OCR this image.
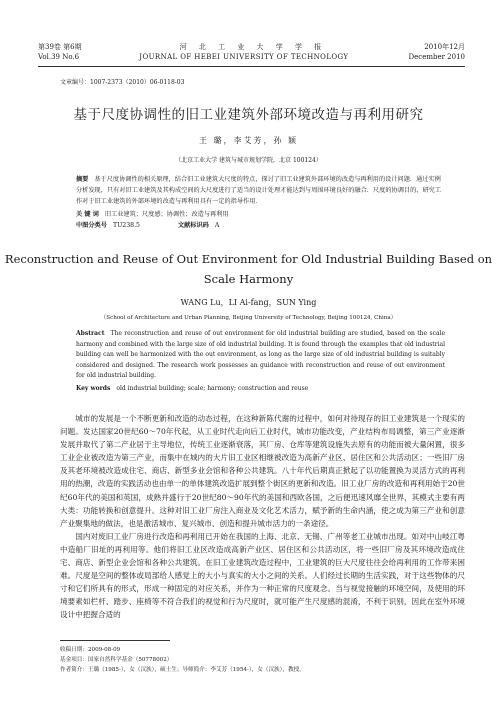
第39卷 第6期	河 北 工 业 大 学 学 报	2010年12月
Vol.39 No.6	JOURNAL OF HEBEI UNIVERSITY OF TECHNOLOGY	December 2010
文章编号：1007-2373（2010）06-0118-03
基于尺度协调性的旧工业建筑外部环境改造与再利用研究
王 璐，李艾芳，孙 颖
（北京工业大学 建筑与城市规划学院，北京 100124）
摘要 基于尺度协调性的相关原理，结合旧工业建筑大尺度的特点，探讨了旧工业建筑外部环境的改造与再利用的设计问题．通过实例分析发现，只有对旧工业建筑及其构成空间的大尺度进行了适当的设计处理才能达到与周围环境良好的融合．尺度的协调目的，研究工作对于旧工业建筑的外部环境的改造与再利用具有一定的指导作用．
关 键 词 旧工业建筑；尺度感；协调性；改造与再利用
中图分类号 TU238.5	文献标识码 A
Reconstruction and Reuse of Out Environment for Old Industrial Building Based on Scale Harmony
WANG Lu，LI Ai-fang，SUN Ying
（School of Architecture and Urban Planning, Beijing University of Technology, Beijing 100124, China）
Abstract The reconstruction and reuse of out environment for old industrial building are studied, based on the scale harmony and combined with the large size of old industrial building. It is found through the examples that old industrial building can well be harmonized with the out environment, as long as the large size of old industrial building is suitably considered and designed. The research work possesses an guidance with reconstruction and reuse of out environment for old industrial building.
Key words old industrial building; scale; harmony; construction and reuse

城市的发展是一个不断更新和改造的动态过程，在这种新陈代谢的过程中，如何对待现存的旧工业建筑是一个现实的问题。发达国家20世纪60～70年代起，从工业时代走向后工业时代，城市功能改变，产业结构布局调整，第三产业逐渐发展并取代了第二产业居于主导地位，传统工业逐渐衰落，其厂房、仓库等建筑设施失去原有的功能而被大量闲置，很多工业企业被改造为第三产业，而集中在城内的大片旧工业区相继被改造为高新产业区、居住区和公共活动区；一些旧厂房及其老环境被改造成住宅、商店、新型多业会馆和各种公共建筑。八十年代后期真正掀起了以功能置换为灵活方式的再利用的热潮，改造的实践活动也由单一的单体建筑改造扩展到整个街区的更新和改造。旧工业厂房的改造和再利用始于20世纪60年代的美国和英国，成熟并盛行于20世纪80～90年代的美国和西欧各国，之后便迅速风靡全世界，其模式主要有两大类：功能转换和创意提升。这种对旧工业厂房注入商业及文化艺术活力，赋予新的生命内涵，使之成为第三产业和创意产业聚集地的做法，也是激活城市、复兴城市、创造和提升城市活力的一条途径。

国内对废旧工业厂房进行改造和再利用已开始在我国的上海、北京、无锡、广州等老工业城市出现。如对中山岐江粤中造船厂旧址的再利用等。他们将旧工业区改造成高新产业区、居住区和公共活动区，将一些旧厂房及其环境改造成住宅、商店、新型企业会馆和各种公共建筑。在旧工业建筑改造过程中，工业建筑的巨大尺度往往会给再利用的工作带来困难。尺度是空间的整体或局部给人感觉上的大小与真实的大小之间的关系。人们经过长期的生活实践，对于这些物体的尺寸和它们所具有的形式，形成一种固定的对应关系，并作为一种正常的尺度观念。当与视觉接触的环境空间，及使用的环境要素如栏杆、踏步、座椅等不符合我们的视觉和行为尺度时，就可能产生尺度感的混淆，不利于识别，因此在室外环境设计中把握合适的

收稿日期：2009-08-09
基金项目：国家自然科学基金（50778002）
作者简介：王璐（1985-），女（汉族），硕士生；导师简介：李艾芳（1954-），女（汉族），教授。
